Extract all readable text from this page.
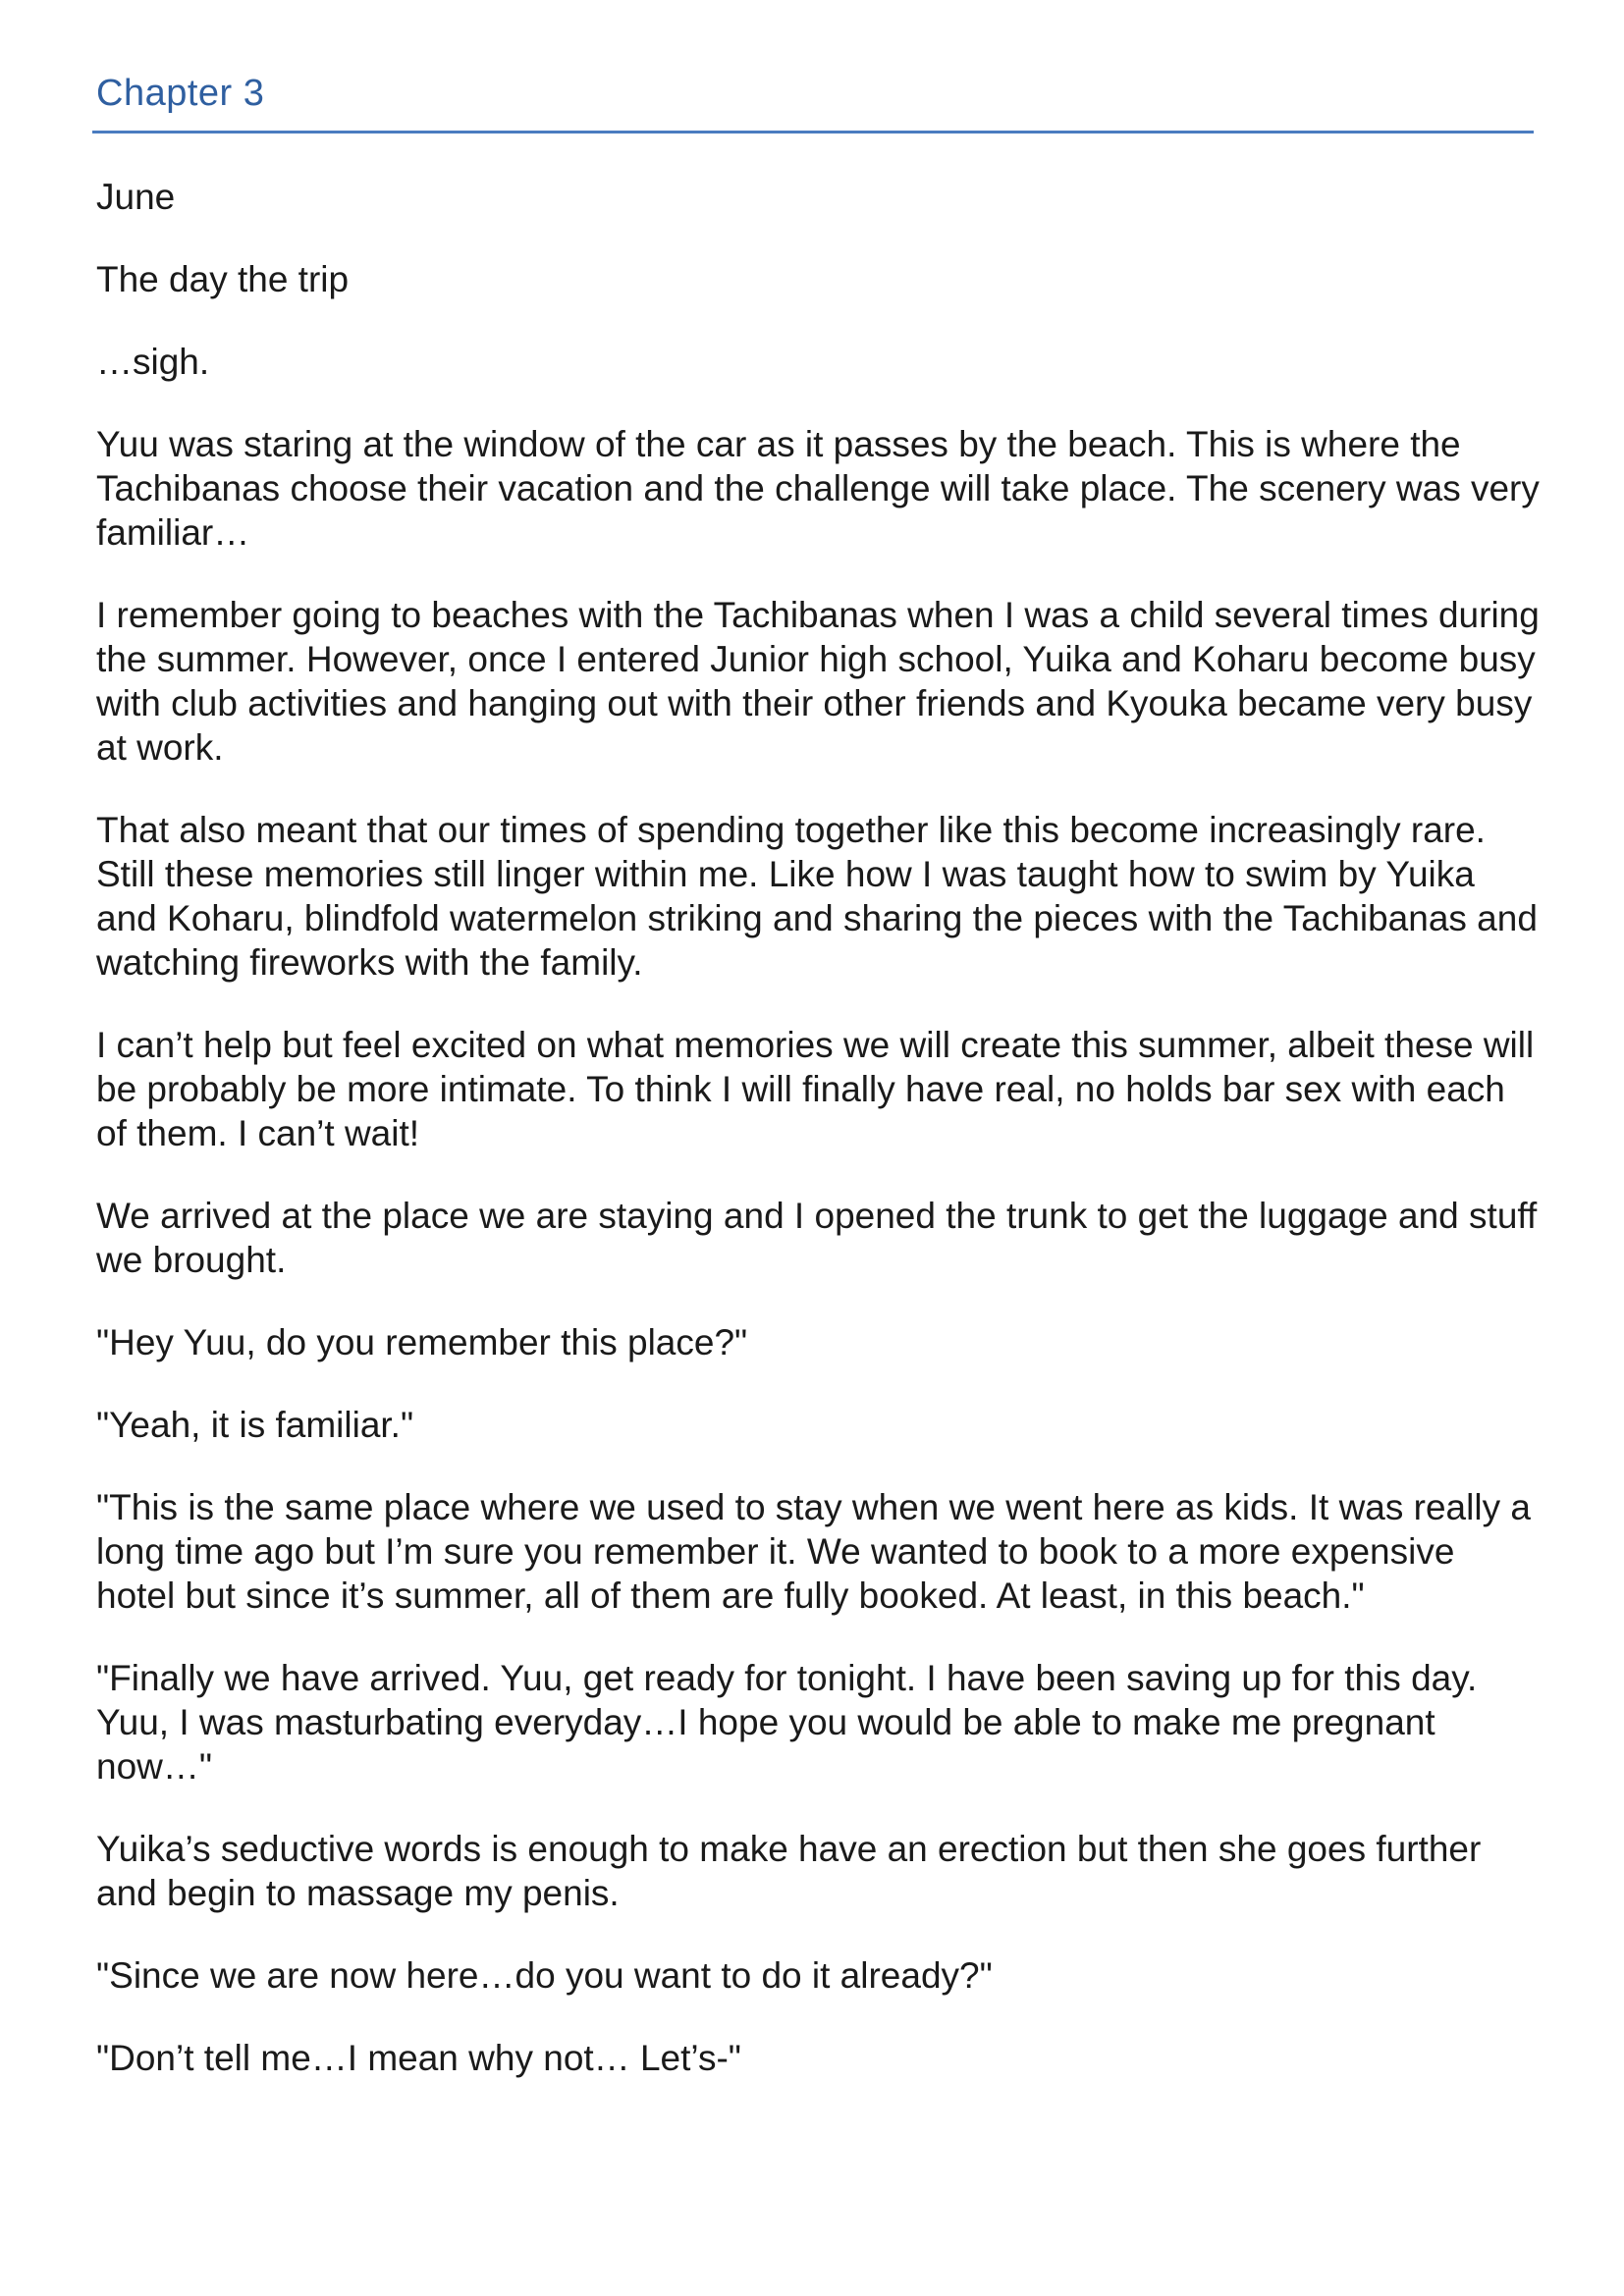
Chapter 3

June

The day the trip

…sigh.

Yuu was staring at the window of the car as it passes by the beach. This is where the Tachibanas choose their vacation and the challenge will take place. The scenery was very familiar…

I remember going to beaches with the Tachibanas when I was a child several times during the summer. However, once I entered Junior high school, Yuika and Koharu become busy with club activities and hanging out with their other friends and Kyouka became very busy at work.

That also meant that our times of spending together like this become increasingly rare. Still these memories still linger within me. Like how I was taught how to swim by Yuika and Koharu, blindfold watermelon striking and sharing the pieces with the Tachibanas and watching fireworks with the family.

I can’t help but feel excited on what memories we will create this summer, albeit these will be probably be more intimate. To think I will finally have real, no holds bar sex with each of them. I can’t wait!

We arrived at the place we are staying and I opened the trunk to get the luggage and stuff we brought.

"Hey Yuu, do you remember this place?"

"Yeah, it is familiar."

"This is the same place where we used to stay when we went here as kids. It was really a long time ago but I’m sure you remember it. We wanted to book to a more expensive hotel but since it’s summer, all of them are fully booked. At least, in this beach."

"Finally we have arrived. Yuu, get ready for tonight. I have been saving up for this day. Yuu, I was masturbating everyday…I hope you would be able to make me pregnant now…"

Yuika’s seductive words is enough to make have an erection but then she goes further and begin to massage my penis.

"Since we are now here…do you want to do it already?"

"Don’t tell me…I mean why not… Let’s-"
